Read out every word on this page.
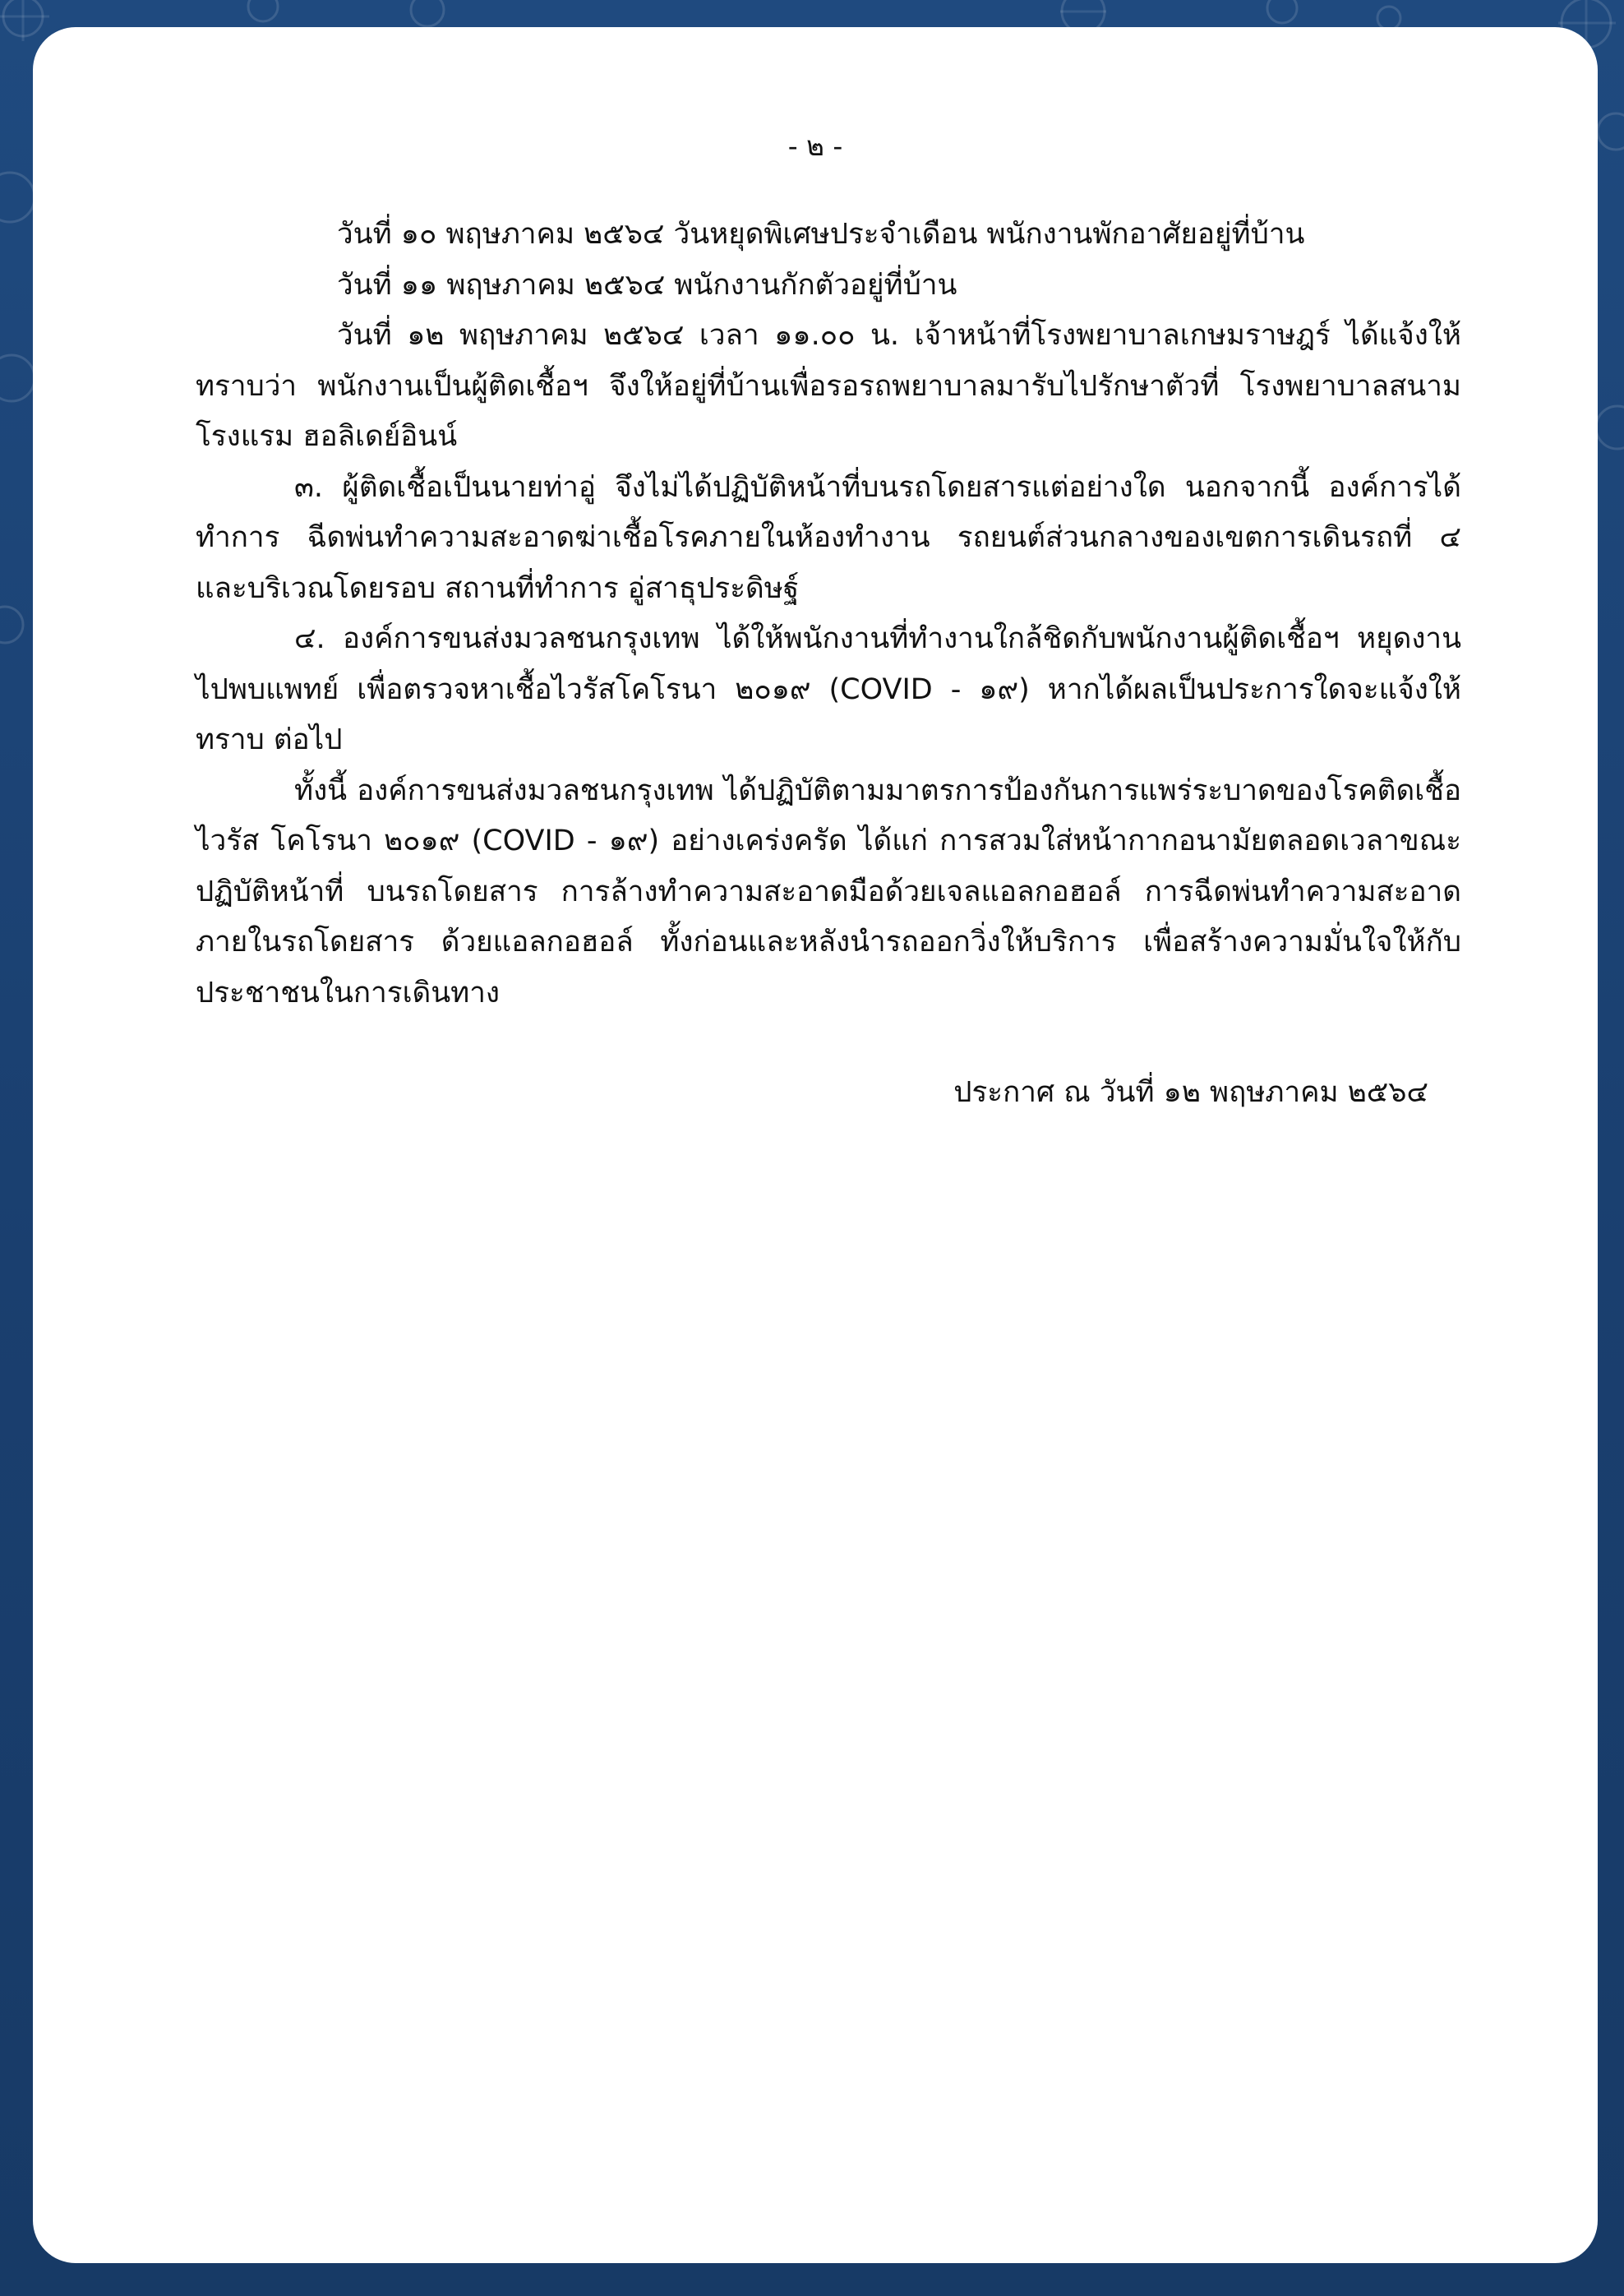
- ๒ -
วันที่ ๑๐ พฤษภาคม ๒๕๖๔ วันหยุดพิเศษประจำเดือน พนักงานพักอาศัยอยู่ที่บ้าน
วันที่ ๑๑ พฤษภาคม ๒๕๖๔ พนักงานกักตัวอยู่ที่บ้าน
วันที่ ๑๒ พฤษภาคม ๒๕๖๔ เวลา ๑๑.๐๐ น. เจ้าหน้าที่โรงพยาบาลเกษมราษฎร์ ได้แจ้งให้ทราบว่า พนักงานเป็นผู้ติดเชื้อฯ จึงให้อยู่ที่บ้านเพื่อรอรถพยาบาลมารับไปรักษาตัวที่ โรงพยาบาลสนาม โรงแรม ฮอลิเดย์อินน์
๓. ผู้ติดเชื้อเป็นนายท่าอู่ จึงไม่ได้ปฏิบัติหน้าที่บนรถโดยสารแต่อย่างใด นอกจากนี้ องค์การได้ทำการ ฉีดพ่นทำความสะอาดฆ่าเชื้อโรคภายในห้องทำงาน รถยนต์ส่วนกลางของเขตการเดินรถที่ ๔ และบริเวณโดยรอบ สถานที่ทำการ อู่สาธุประดิษฐ์
๔. องค์การขนส่งมวลชนกรุงเทพ ได้ให้พนักงานที่ทำงานใกล้ชิดกับพนักงานผู้ติดเชื้อฯ หยุดงาน ไปพบแพทย์ เพื่อตรวจหาเชื้อไวรัสโคโรนา ๒๐๑๙ (COVID - ๑๙) หากได้ผลเป็นประการใดจะแจ้งให้ทราบ ต่อไป
ทั้งนี้ องค์การขนส่งมวลชนกรุงเทพ ได้ปฏิบัติตามมาตรการป้องกันการแพร่ระบาดของโรคติดเชื้อไวรัส โคโรนา ๒๐๑๙ (COVID - ๑๙) อย่างเคร่งครัด ได้แก่ การสวมใส่หน้ากากอนามัยตลอดเวลาขณะปฏิบัติหน้าที่ บนรถโดยสาร การล้างทำความสะอาดมือด้วยเจลแอลกอฮอล์ การฉีดพ่นทำความสะอาดภายในรถโดยสาร ด้วยแอลกอฮอล์ ทั้งก่อนและหลังนำรถออกวิ่งให้บริการ เพื่อสร้างความมั่นใจให้กับประชาชนในการเดินทาง
ประกาศ ณ วันที่ ๑๒ พฤษภาคม ๒๕๖๔
